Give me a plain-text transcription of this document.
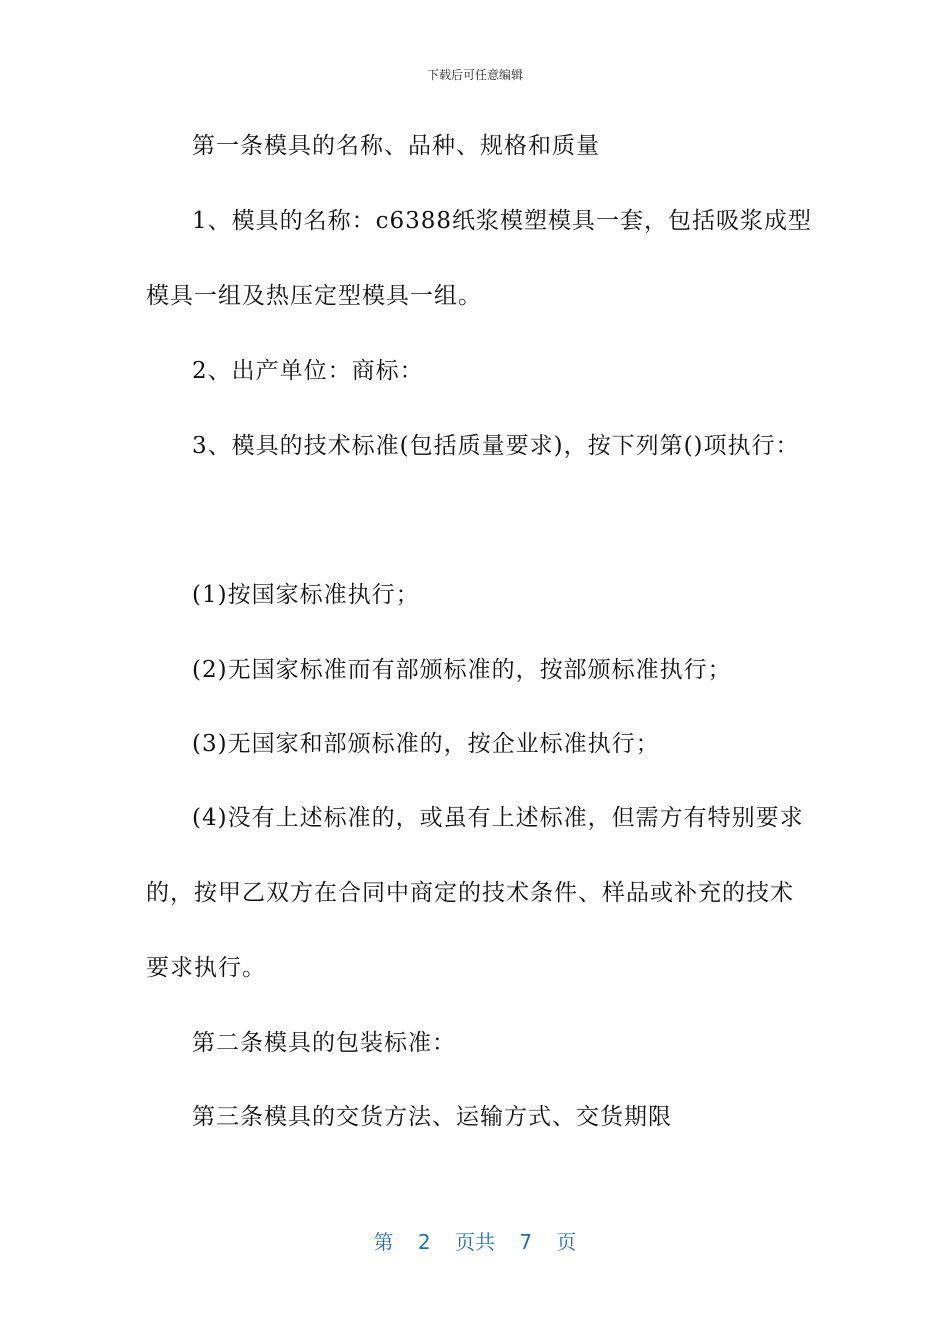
下载后可任意编辑
第一条模具的名称、品种、规格和质量
1、模具的名称：c6388纸浆模塑模具一套，包括吸浆成型
模具一组及热压定型模具一组。
2、出产单位：商标：
3、模具的技术标准(包括质量要求)，按下列第()项执行：
(1)按国家标准执行；
(2)无国家标准而有部颁标准的，按部颁标准执行；
(3)无国家和部颁标准的，按企业标准执行；
(4)没有上述标准的，或虽有上述标准，但需方有特别要求
的，按甲乙双方在合同中商定的技术条件、样品或补充的技术
要求执行。
第二条模具的包装标准：
第三条模具的交货方法、运输方式、交货期限
第 2 页共 7 页
